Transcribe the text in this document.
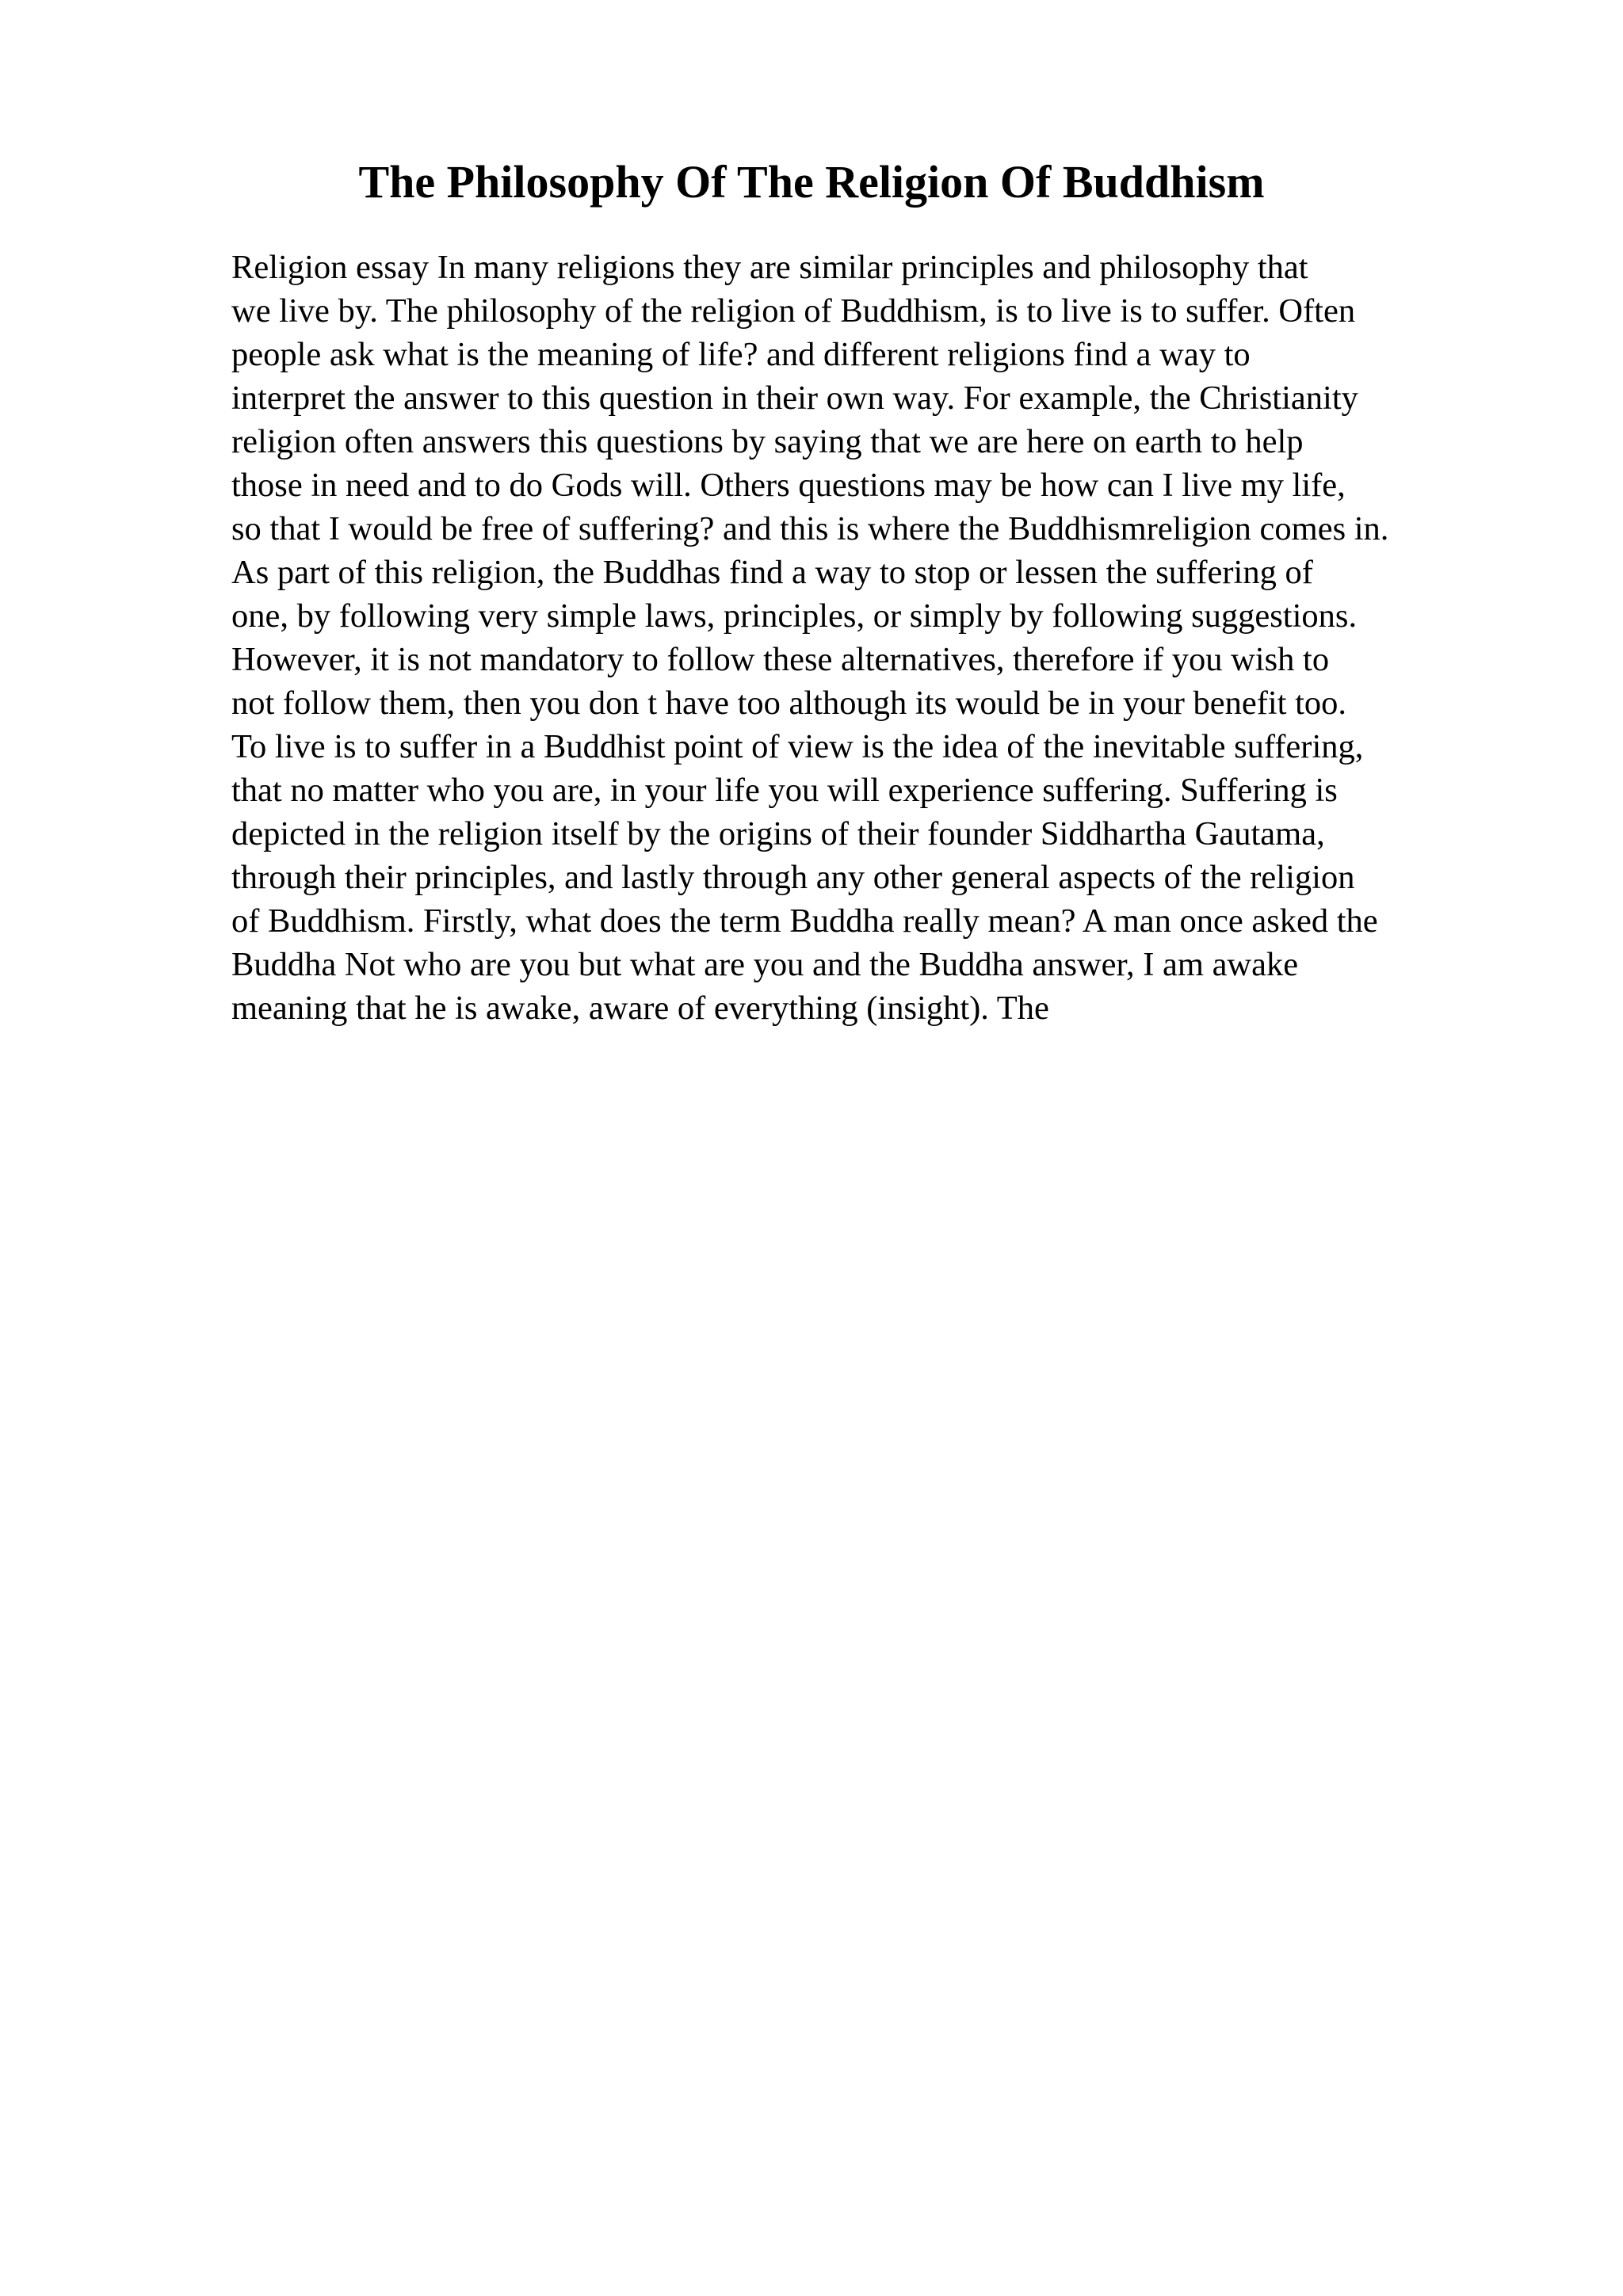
The Philosophy Of The Religion Of Buddhism
Religion essay In many religions they are similar principles and philosophy that
we live by. The philosophy of the religion of Buddhism, is to live is to suffer. Often
people ask what is the meaning of life? and different religions find a way to
interpret the answer to this question in their own way. For example, the Christianity
religion often answers this questions by saying that we are here on earth to help
those in need and to do Gods will. Others questions may be how can I live my life,
so that I would be free of suffering? and this is where the Buddhismreligion comes in.
As part of this religion, the Buddhas find a way to stop or lessen the suffering of
one, by following very simple laws, principles, or simply by following suggestions.
However, it is not mandatory to follow these alternatives, therefore if you wish to
not follow them, then you don t have too although its would be in your benefit too.
To live is to suffer in a Buddhist point of view is the idea of the inevitable suffering,
that no matter who you are, in your life you will experience suffering. Suffering is
depicted in the religion itself by the origins of their founder Siddhartha Gautama,
through their principles, and lastly through any other general aspects of the religion
of Buddhism. Firstly, what does the term Buddha really mean? A man once asked the
Buddha Not who are you but what are you and the Buddha answer, I am awake
meaning that he is awake, aware of everything (insight). The
